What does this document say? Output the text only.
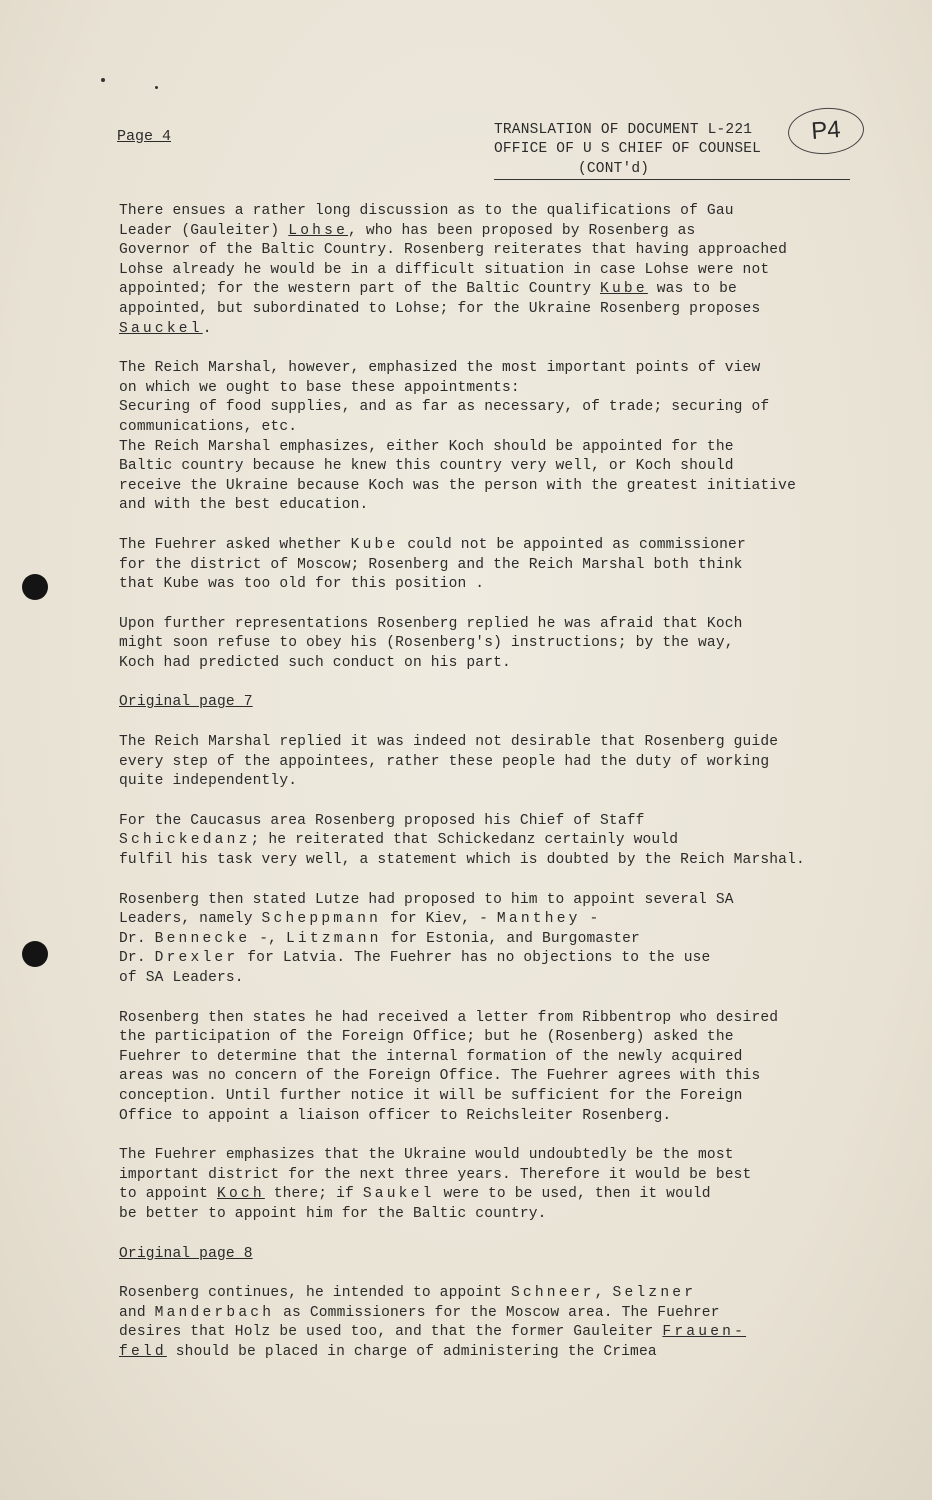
Page 4	TRANSLATION OF DOCUMENT L-221
OFFICE OF U S CHIEF OF COUNSEL
(CONT'd)
P4

There ensues a rather long discussion as to the qualifications of Gau
Leader (Gauleiter) Lohse, who has been proposed by Rosenberg as
Governor of the Baltic Country. Rosenberg reiterates that having approached
Lohse already he would be in a difficult situation in case Lohse were not
appointed; for the western part of the Baltic Country Kube was to be
appointed, but subordinated to Lohse; for the Ukraine Rosenberg proposes
Sauckel.

The Reich Marshal, however, emphasized the most important points of view
on which we ought to base these appointments:
Securing of food supplies, and as far as necessary, of trade; securing of
communications, etc.
The Reich Marshal emphasizes, either Koch should be appointed for the
Baltic country because he knew this country very well, or Koch should
receive the Ukraine because Koch was the person with the greatest initiative
and with the best education.

The Fuehrer asked whether Kube could not be appointed as commissioner
for the district of Moscow; Rosenberg and the Reich Marshal both think
that Kube was too old for this position .

Upon further representations Rosenberg replied he was afraid that Koch
might soon refuse to obey his (Rosenberg's) instructions; by the way,
Koch had predicted such conduct on his part.

Original page 7

The Reich Marshal replied it was indeed not desirable that Rosenberg guide
every step of the appointees, rather these people had the duty of working
quite independently.

For the Caucasus area Rosenberg proposed his Chief of Staff
Schickedanz; he reiterated that Schickedanz certainly would
fulfil his task very well, a statement which is doubted by the Reich Marshal.

Rosenberg then stated Lutze had proposed to him to appoint several SA
Leaders, namely Scheppmann for Kiev, - Manthey -
Dr. Bennecke -, Litzmann for Estonia, and Burgomaster
Dr. Drexler for Latvia. The Fuehrer has no objections to the use
of SA Leaders.

Rosenberg then states he had received a letter from Ribbentrop who desired
the participation of the Foreign Office; but he (Rosenberg) asked the
Fuehrer to determine that the internal formation of the newly acquired
areas was no concern of the Foreign Office. The Fuehrer agrees with this
conception. Until further notice it will be sufficient for the Foreign
Office to appoint a liaison officer to Reichsleiter Rosenberg.

The Fuehrer emphasizes that the Ukraine would undoubtedly be the most
important district for the next three years. Therefore it would be best
to appoint Koch there; if Saukel were to be used, then it would
be better to appoint him for the Baltic country.

Original page 8

Rosenberg continues, he intended to appoint Schneer, Selzner
and Manderbach as Commissioners for the Moscow area. The Fuehrer
desires that Holz be used too, and that the former Gauleiter Frauen-
feld should be placed in charge of administering the Crimea
